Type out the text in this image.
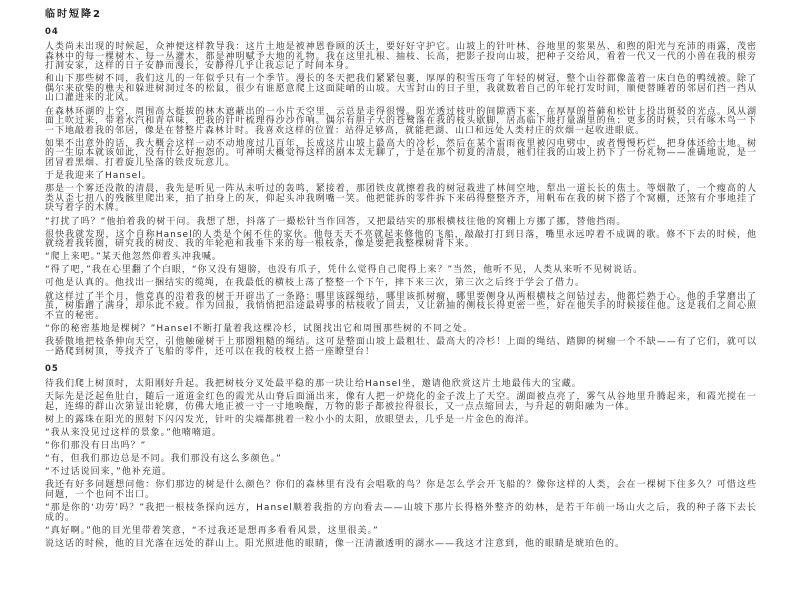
临时短降2
04

人类尚未出现的时候起，众神便这样教导我：这片土地是被神恩眷顾的沃土，要好好守护它。山坡上的针叶林、谷地里的浆果丛、和煦的阳光与充沛的雨露，茂密森林中的每一棵树木、每一丛灌木，都是神明赋予大地的礼物。我在这里扎根、抽枝、长高，把影子投向山坡，把种子交给风，看着一代又一代的小兽在我的根旁打洞安家，这样的日子安静而漫长，安静得几乎让我忘记了时间本身。

和山下那些树不同，我们这儿的一年似乎只有一个季节。漫长的冬天把我们紧紧包裹，厚厚的积雪压弯了年轻的树冠，整个山谷都像盖着一床白色的鸭绒被。除了偶尔来砍柴的樵夫和躲进树洞过冬的松鼠，很少有谁愿意爬上这面陡峭的山坡。大雪封山的日子里，我就数着自己的年轮打发时间，顺便替睡着的邻居们挡一挡从山口灌进来的北风。

在森林环湖的上空，周围高大挺拔的林木遮蔽出的一小片天空里，云总是走得很慢。阳光透过枝叶的间隙洒下来，在厚厚的苔藓和松针上投出斑驳的光点。风从湖面上吹过来，带着水汽和青草味，把我的针叶梳理得沙沙作响。偶尔有胆子大的苍鹭落在我的枝头歇脚，居高临下地打量湖里的鱼；更多的时候，只有啄木鸟一下一下地敲着我的邻居，像是在替整片森林计时。我喜欢这样的位置：站得足够高，就能把湖、山口和远处人类村庄的炊烟一起收进眼底。

如果不出意外的话，我大概会这样一动不动地度过几百年，长成这片山坡上最高大的冷杉，然后在某个雷雨夜里被闪电劈中，或者慢慢朽烂，把身体还给土地。树的一生原本就该如此，没有什么好抱怨的。可神明大概觉得这样的剧本太无聊了，于是在那个初夏的清晨，祂们往我的山坡上扔下了一份礼物——准确地说，是一团冒着黑烟、打着旋儿坠落的铁皮玩意儿。

于是我迎来了Hansel。

那是一个雾还没散的清晨，我先是听见一阵从未听过的轰鸣，紧接着，那团铁皮就擦着我的树冠栽进了林间空地，犁出一道长长的焦土。等烟散了，一个瘦高的人类从歪七扭八的残骸里爬出来，拍了拍身上的灰，仰起头冲我咧嘴一笑。他把能拆的零件拆下来码得整整齐齐，用帆布在我的树下搭了个窝棚，还煞有介事地挂了块写着字的木牌。

“打扰了吗？”他拍着我的树干问。我想了想，抖落了一撮松针当作回答，又把最结实的那根横枝往他的窝棚上方挪了挪，替他挡雨。

很快我就发现，这个自称Hansel的人类是个闲不住的家伙。他每天天不亮就起来修他的飞船，敲敲打打到日落，嘴里永远哼着不成调的歌。修不下去的时候，他就绕着我转圈，研究我的树皮、我的年轮疤和我垂下来的每一根枝条，像是要把我整棵树背下来。

“爬上来吧。”某天他忽然仰着头冲我喊。

“得了吧，”我在心里翻了个白眼，“你又没有翅膀，也没有爪子，凭什么觉得自己爬得上来？”当然，他听不见，人类从来听不见树说话。

可他是认真的。他找出一捆结实的缆绳，在我最低的横枝上荡了整整一个下午，摔下来三次，第三次之后终于学会了借力。

就这样过了半个月，他竟真的沿着我的树干开辟出了一条路：哪里该踩绳结，哪里该抓树瘤，哪里要侧身从两根横枝之间钻过去，他都烂熟于心。他的手掌磨出了茧，树脂蹭了满身，却乐此不疲。作为回报，我悄悄把沿途最碍事的枯枝收了回去，又让新抽的侧枝长得更密一些，好在他失手的时候接住他。这是我们之间心照不宣的秘密。

“你的秘密基地是棵树？”Hansel不断打量着我这棵冷杉，试图找出它和周围那些树的不同之处。

我骄傲地把枝条伸向天空，引他触碰树干上那圈粗糙的绳结。这可是整面山坡上最粗壮、最高大的冷杉！上面的绳结、踏脚的树瘤一个不缺——有了它们，就可以一路爬到树顶，等找齐了飞船的零件，还可以在我的枝杈上搭一座瞭望台！

05

待我们爬上树顶时，太阳刚好升起。我把树枝分叉处最平稳的那一块让给Hansel坐，邀请他欣赏这片土地最伟大的宝藏。

天际先是泛起鱼肚白，随后一道道金红色的霞光从山脊后面涌出来，像有人把一炉烧化的金子泼上了天空。湖面被点亮了，雾气从谷地里升腾起来，和霞光搅在一起，连绵的群山次第显出轮廓，仿佛大地正被一寸一寸地唤醒，万物的影子都被拉得很长，又一点点缩回去，与升起的朝阳融为一体。

树上的露珠在阳光的照射下闪闪发光，针叶的尖端都挑着一粒小小的太阳，放眼望去，几乎是一片金色的海洋。

“我从来没见过这样的景象。”他喃喃道。

“你们那没有日出吗？”

“有，但我们那边总是不同。我们那没有这么多颜色。”

“不过话说回来，”他补充道。

我还有好多问题想问他：你们那边的树是什么颜色？你们的森林里有没有会唱歌的鸟？你是怎么学会开飞船的？像你这样的人类，会在一棵树下住多久？可惜这些问题，一个也问不出口。

“那是你的‘功劳’吗？”我把一根枝条探向远方，Hansel顺着我指的方向看去——山坡下那片长得格外整齐的幼林，是若干年前一场山火之后，我的种子落下去长成的。

“真好啊。”他的目光里带着笑意，“不过我还是想再多看看风景，这里很美。”

说这话的时候，他的目光落在远处的群山上。阳光照进他的眼睛，像一汪清澈透明的湖水——我这才注意到，他的眼睛是琥珀色的。
